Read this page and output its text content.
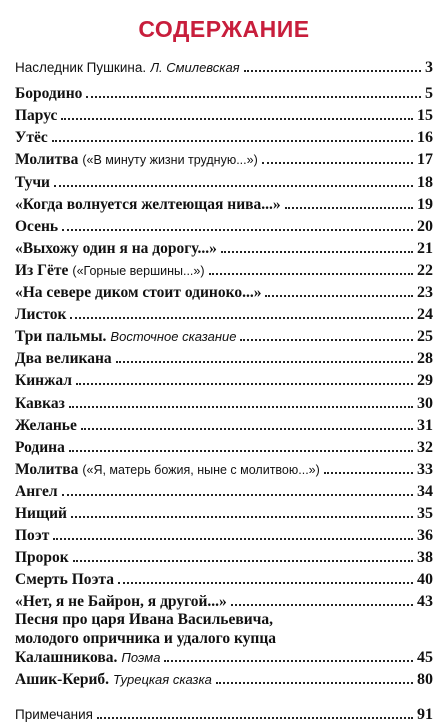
СОДЕРЖАНИЕ
Наследник Пушкина. Л. Смилевская	3
Бородино	5
Парус	15
Утёс	16
Молитва («В минуту жизни трудную...»)	17
Тучи	18
«Когда волнуется желтеющая нива...»	19
Осень	20
«Выхожу один я на дорогу...»	21
Из Гёте («Горные вершины...»)	22
«На севере диком стоит одиноко...»	23
Листок	24
Три пальмы. Восточное сказание	25
Два великана	28
Кинжал	29
Кавказ	30
Желанье	31
Родина	32
Молитва («Я, матерь божия, ныне с молитвою...»)	33
Ангел	34
Нищий	35
Поэт	36
Пророк	38
Смерть Поэта	40
«Нет, я не Байрон, я другой...»	43
Песня про царя Ивана Васильевича,
молодого опричника и удалого купца
Калашникова. Поэма	45
Ашик-Кериб. Турецкая сказка	80
Примечания	91
